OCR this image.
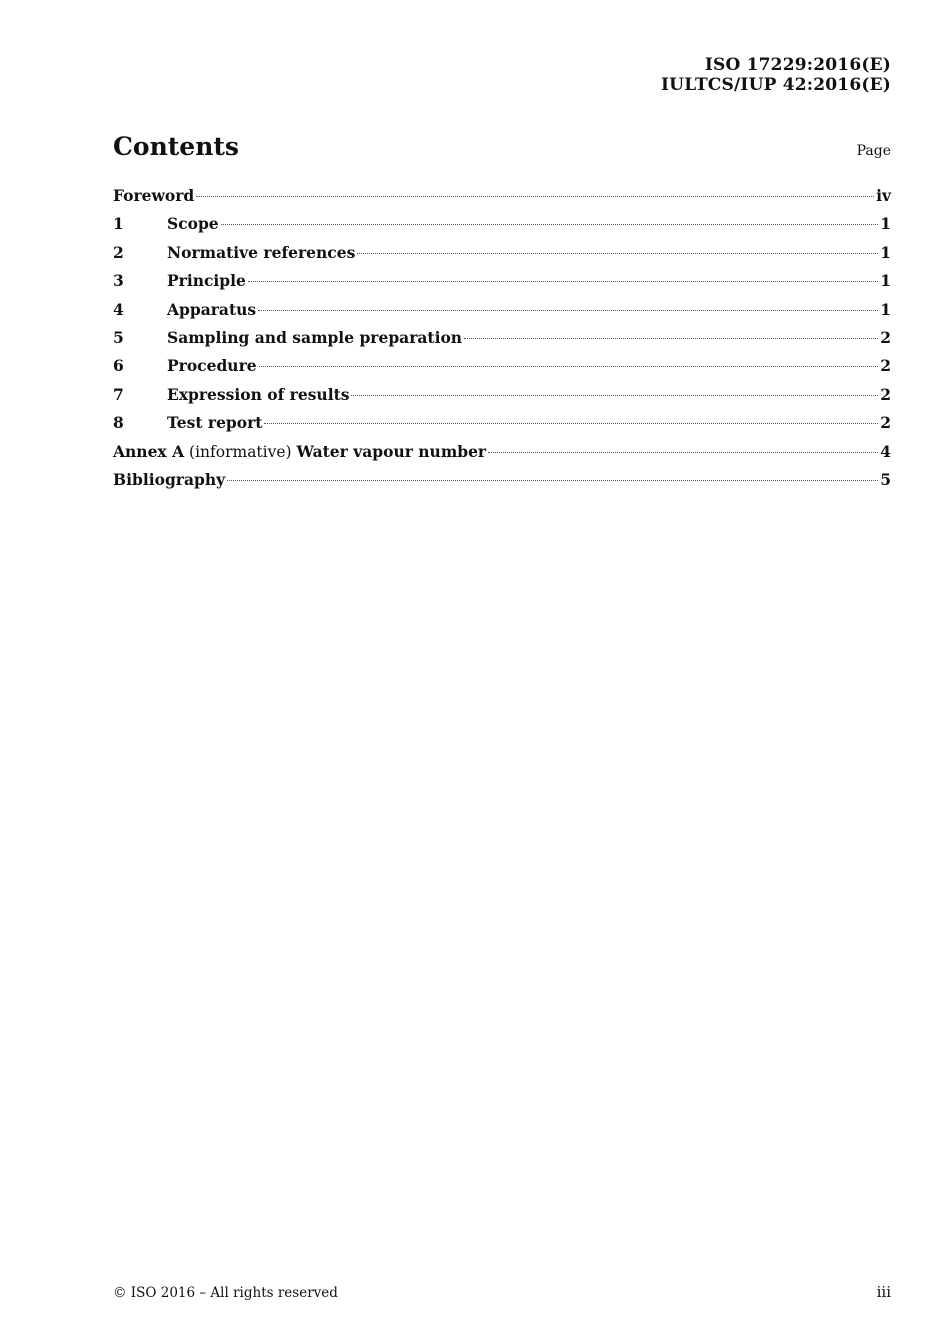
ISO 17229:2016(E)
IULTCS/IUP 42:2016(E)
Contents	Page
Foreword	iv
1	Scope	1
2	Normative references	1
3	Principle	1
4	Apparatus	1
5	Sampling and sample preparation	2
6	Procedure	2
7	Expression of results	2
8	Test report	2
Annex A (informative) Water vapour number	4
Bibliography	5
© ISO 2016 – All rights reserved	iii
